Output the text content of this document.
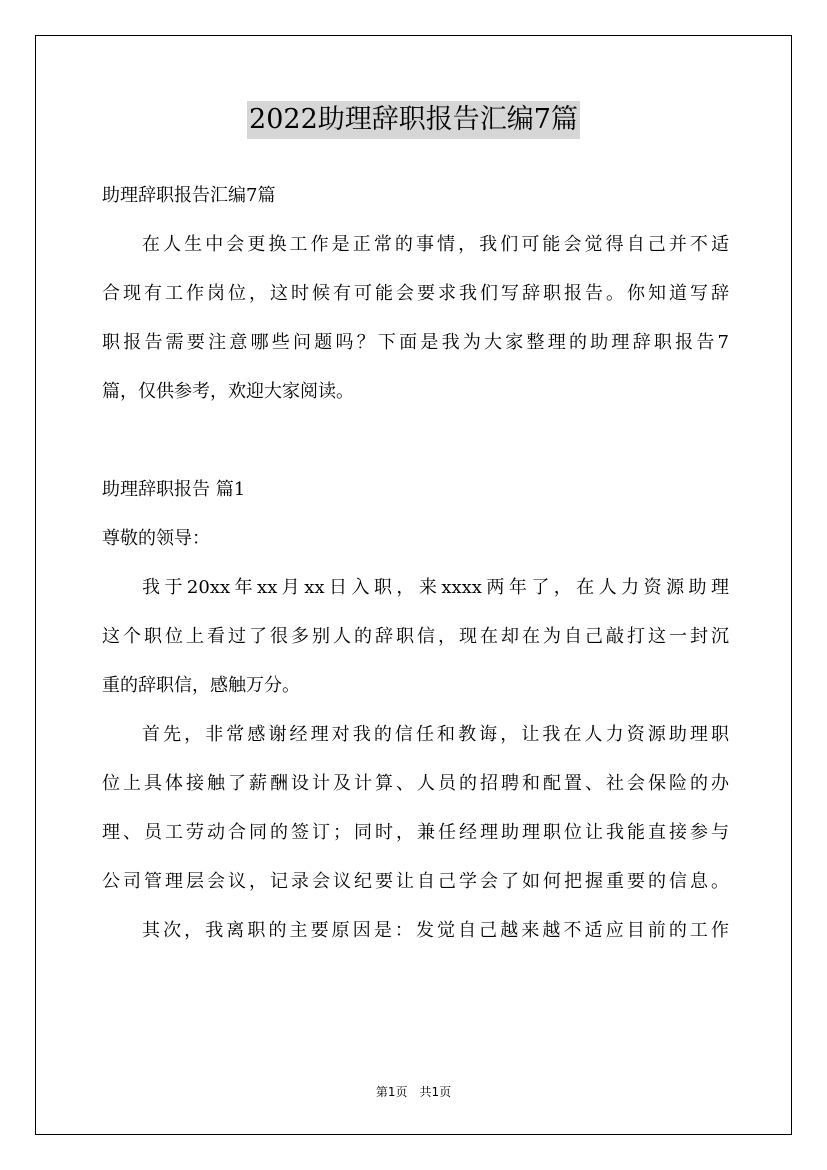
2022助理辞职报告汇编7篇
助理辞职报告汇编7篇
在人生中会更换工作是正常的事情，我们可能会觉得自己并不适
合现有工作岗位，这时候有可能会要求我们写辞职报告。你知道写辞
职报告需要注意哪些问题吗？下面是我为大家整理的助理辞职报告7
篇，仅供参考，欢迎大家阅读。
助理辞职报告 篇1
尊敬的领导：
我于20xx年xx月xx日入职，来xxxx两年了，在人力资源助理
这个职位上看过了很多别人的辞职信，现在却在为自己敲打这一封沉
重的辞职信，感触万分。
首先，非常感谢经理对我的信任和教诲，让我在人力资源助理职
位上具体接触了薪酬设计及计算、人员的招聘和配置、社会保险的办
理、员工劳动合同的签订；同时，兼任经理助理职位让我能直接参与
公司管理层会议，记录会议纪要让自己学会了如何把握重要的信息。
其次，我离职的主要原因是：发觉自己越来越不适应目前的工作
第1页　共1页
